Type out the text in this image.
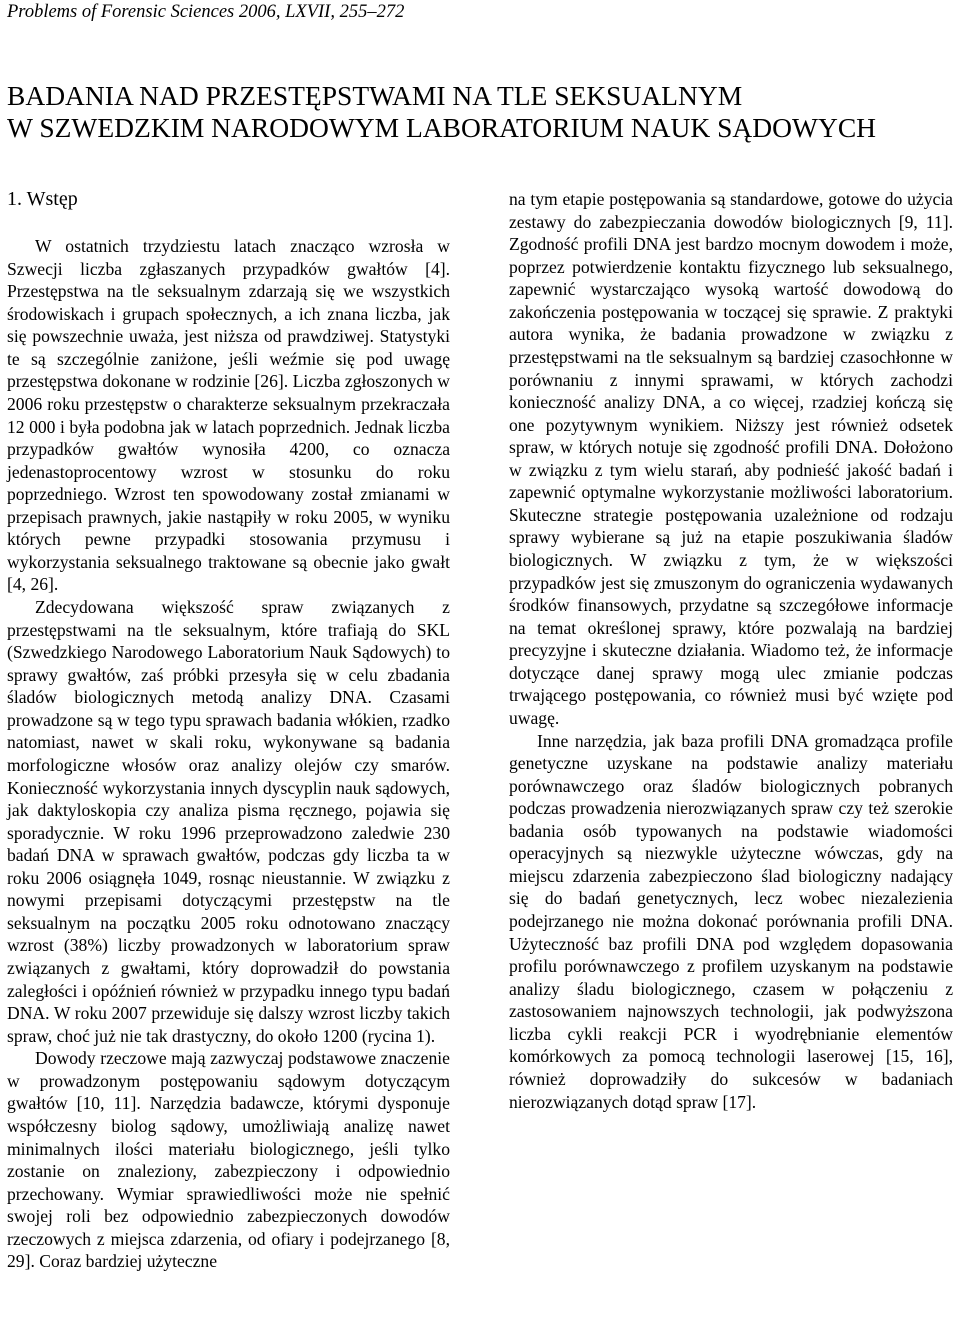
Problems of Forensic Sciences 2006, LXVII, 255–272
BADANIA NAD PRZESTĘPSTWAMI NA TLE SEKSUALNYM
W SZWEDZKIM NARODOWYM LABORATORIUM NAUK SĄDOWYCH
1. Wstęp

W ostatnich trzydziestu latach znacząco wzrosła w Szwecji liczba zgłaszanych przypadków gwałtów [4]. Przestępstwa na tle seksualnym zdarzają się we wszystkich środowiskach i grupach społecznych, a ich znana liczba, jak się powszechnie uważa, jest niższa od prawdziwej. Statystyki te są szczególnie zaniżone, jeśli weźmie się pod uwagę przestępstwa dokonane w rodzinie [26]. Liczba zgłoszonych w 2006 roku przestępstw o charakterze seksualnym przekraczała 12 000 i była podobna jak w latach poprzednich. Jednak liczba przypadków gwałtów wynosiła 4200, co oznacza jedenastoprocentowy wzrost w stosunku do roku poprzedniego. Wzrost ten spowodowany został zmianami w przepisach prawnych, jakie nastąpiły w roku 2005, w wyniku których pewne przypadki stosowania przymusu i wykorzystania seksualnego traktowane są obecnie jako gwałt [4, 26].

Zdecydowana większość spraw związanych z przestępstwami na tle seksualnym, które trafiają do SKL (Szwedzkiego Narodowego Laboratorium Nauk Sądowych) to sprawy gwałtów, zaś próbki przesyła się w celu zbadania śladów biologicznych metodą analizy DNA. Czasami prowadzone są w tego typu sprawach badania włókien, rzadko natomiast, nawet w skali roku, wykonywane są badania morfologiczne włosów oraz analizy olejów czy smarów. Konieczność wykorzystania innych dyscyplin nauk sądowych, jak daktyloskopia czy analiza pisma ręcznego, pojawia się sporadycznie. W roku 1996 przeprowadzono zaledwie 230 badań DNA w sprawach gwałtów, podczas gdy liczba ta w roku 2006 osiągnęła 1049, rosnąc nieustannie. W związku z nowymi przepisami dotyczącymi przestępstw na tle seksualnym na początku 2005 roku odnotowano znaczący wzrost (38%) liczby prowadzonych w laboratorium spraw związanych z gwałtami, który doprowadził do powstania zaległości i opóźnień również w przypadku innego typu badań DNA. W roku 2007 przewiduje się dalszy wzrost liczby takich spraw, choć już nie tak drastyczny, do około 1200 (rycina 1).

Dowody rzeczowe mają zazwyczaj podstawowe znaczenie w prowadzonym postępowaniu sądowym dotyczącym gwałtów [10, 11]. Narzędzia badawcze, którymi dysponuje współczesny biolog sądowy, umożliwiają analizę nawet minimalnych ilości materiału biologicznego, jeśli tylko zostanie on znaleziony, zabezpieczony i odpowiednio przechowany. Wymiar sprawiedliwości może nie spełnić swojej roli bez odpowiednio zabezpieczonych dowodów rzeczowych z miejsca zdarzenia, od ofiary i podejrzanego [8, 29]. Coraz bardziej użyteczne

na tym etapie postępowania są standardowe, gotowe do użycia zestawy do zabezpieczania dowodów biologicznych [9, 11]. Zgodność profili DNA jest bardzo mocnym dowodem i może, poprzez potwierdzenie kontaktu fizycznego lub seksualnego, zapewnić wystarczająco wysoką wartość dowodową do zakończenia postępowania w toczącej się sprawie. Z praktyki autora wynika, że badania prowadzone w związku z przestępstwami na tle seksualnym są bardziej czasochłonne w porównaniu z innymi sprawami, w których zachodzi konieczność analizy DNA, a co więcej, rzadziej kończą się one pozytywnym wynikiem. Niższy jest również odsetek spraw, w których notuje się zgodność profili DNA. Dołożono w związku z tym wielu starań, aby podnieść jakość badań i zapewnić optymalne wykorzystanie możliwości laboratorium. Skuteczne strategie postępowania uzależnione od rodzaju sprawy wybierane są już na etapie poszukiwania śladów biologicznych. W związku z tym, że w większości przypadków jest się zmuszonym do ograniczenia wydawanych środków finansowych, przydatne są szczegółowe informacje na temat określonej sprawy, które pozwalają na bardziej precyzyjne i skuteczne działania. Wiadomo też, że informacje dotyczące danej sprawy mogą ulec zmianie podczas trwającego postępowania, co również musi być wzięte pod uwagę.

Inne narzędzia, jak baza profili DNA gromadząca profile genetyczne uzyskane na podstawie analizy materiału porównawczego oraz śladów biologicznych pobranych podczas prowadzenia nierozwiązanych spraw czy też szerokie badania osób typowanych na podstawie wiadomości operacyjnych są niezwykle użyteczne wówczas, gdy na miejscu zdarzenia zabezpieczono ślad biologiczny nadający się do badań genetycznych, lecz wobec niezalezienia podejrzanego nie można dokonać porównania profili DNA. Użyteczność baz profili DNA pod względem dopasowania profilu porównawczego z profilem uzyskanym na podstawie analizy śladu biologicznego, czasem w połączeniu z zastosowaniem najnowszych technologii, jak podwyższona liczba cykli reakcji PCR i wyodrębnianie elementów komórkowych za pomocą technologii laserowej [15, 16], również doprowadziły do sukcesów w badaniach nierozwiązanych dotąd spraw [17].
